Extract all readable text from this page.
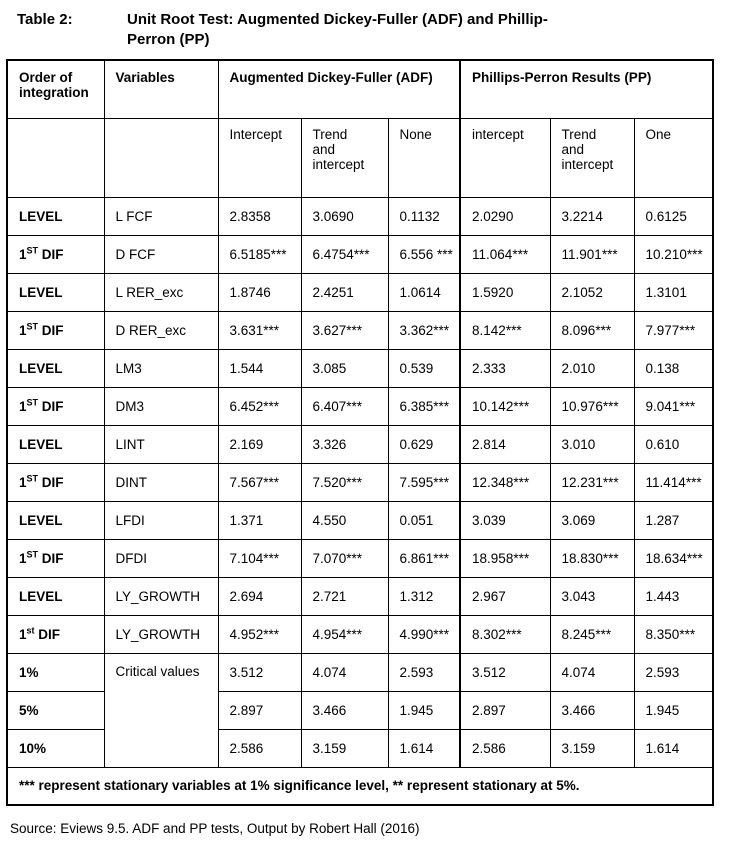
Table 2:	Unit Root Test: Augmented Dickey-Fuller (ADF) and Phillip-
Perron (PP)
Order of integration	Variables	Augmented Dickey-Fuller (ADF)			Phillips-Perron Results (PP)		
		Intercept	Trend and intercept	None	intercept	Trend and intercept	One
LEVEL	L FCF	2.8358	3.0690	0.1132	2.0290	3.2214	0.6125
1ST DIF	D FCF	6.5185***	6.4754***	6.556 ***	11.064***	11.901***	10.210***
LEVEL	L RER_exc	1.8746	2.4251	1.0614	1.5920	2.1052	1.3101
1ST DIF	D RER_exc	3.631***	3.627***	3.362***	8.142***	8.096***	7.977***
LEVEL	LM3	1.544	3.085	0.539	2.333	2.010	0.138
1ST DIF	DM3	6.452***	6.407***	6.385***	10.142***	10.976***	9.041***
LEVEL	LINT	2.169	3.326	0.629	2.814	3.010	0.610
1ST DIF	DINT	7.567***	7.520***	7.595***	12.348***	12.231***	11.414***
LEVEL	LFDI	1.371	4.550	0.051	3.039	3.069	1.287
1ST DIF	DFDI	7.104***	7.070***	6.861***	18.958***	18.830***	18.634***
LEVEL	LY_GROWTH	2.694	2.721	1.312	2.967	3.043	1.443
1st DIF	LY_GROWTH	4.952***	4.954***	4.990***	8.302***	8.245***	8.350***
1%	Critical values	3.512	4.074	2.593	3.512	4.074	2.593
5%		2.897	3.466	1.945	2.897	3.466	1.945
10%		2.586	3.159	1.614	2.586	3.159	1.614
*** represent stationary variables at 1% significance level, ** represent stationary at 5%.							
Source: Eviews 9.5. ADF and PP tests, Output by Robert Hall (2016)
